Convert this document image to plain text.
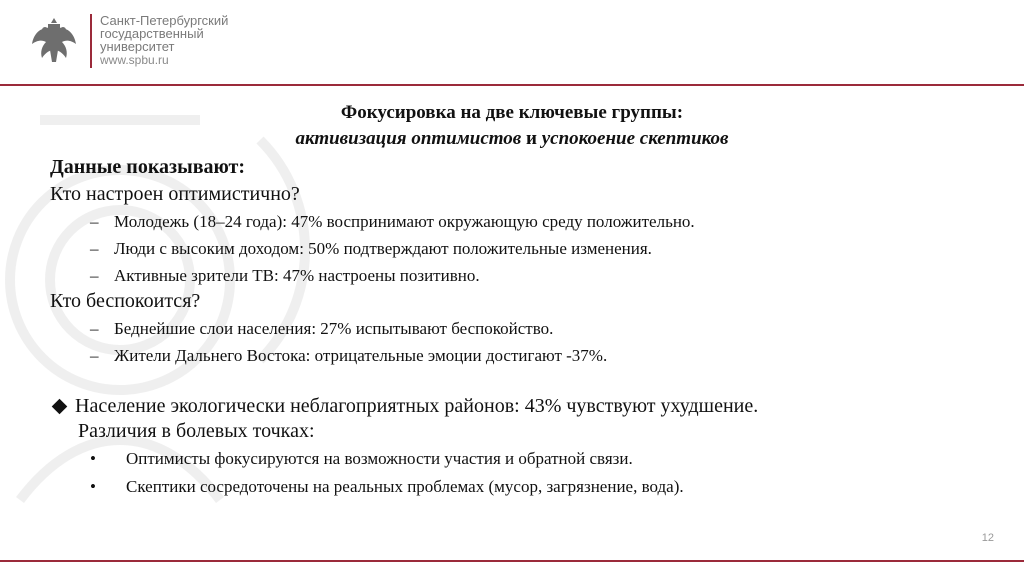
Санкт-Петербургский
государственный
университет
www.spbu.ru
Фокусировка на две ключевые группы:
активизация оптимистов и успокоение скептиков
Данные показывают:
Кто настроен оптимистично?
– Молодежь (18–24 года): 47% воспринимают окружающую среду положительно.
– Люди с высоким доходом: 50% подтверждают положительные изменения.
– Активные зрители ТВ: 47% настроены позитивно.
Кто беспокоится?
– Беднейшие слои населения: 27% испытывают беспокойство.
– Жители Дальнего Востока: отрицательные эмоции достигают -37%.
Население экологически неблагоприятных районов: 43% чувствуют ухудшение.
Различия в болевых точках:
• Оптимисты фокусируются на возможности участия и обратной связи.
• Скептики сосредоточены на реальных проблемах (мусор, загрязнение, вода).
12
